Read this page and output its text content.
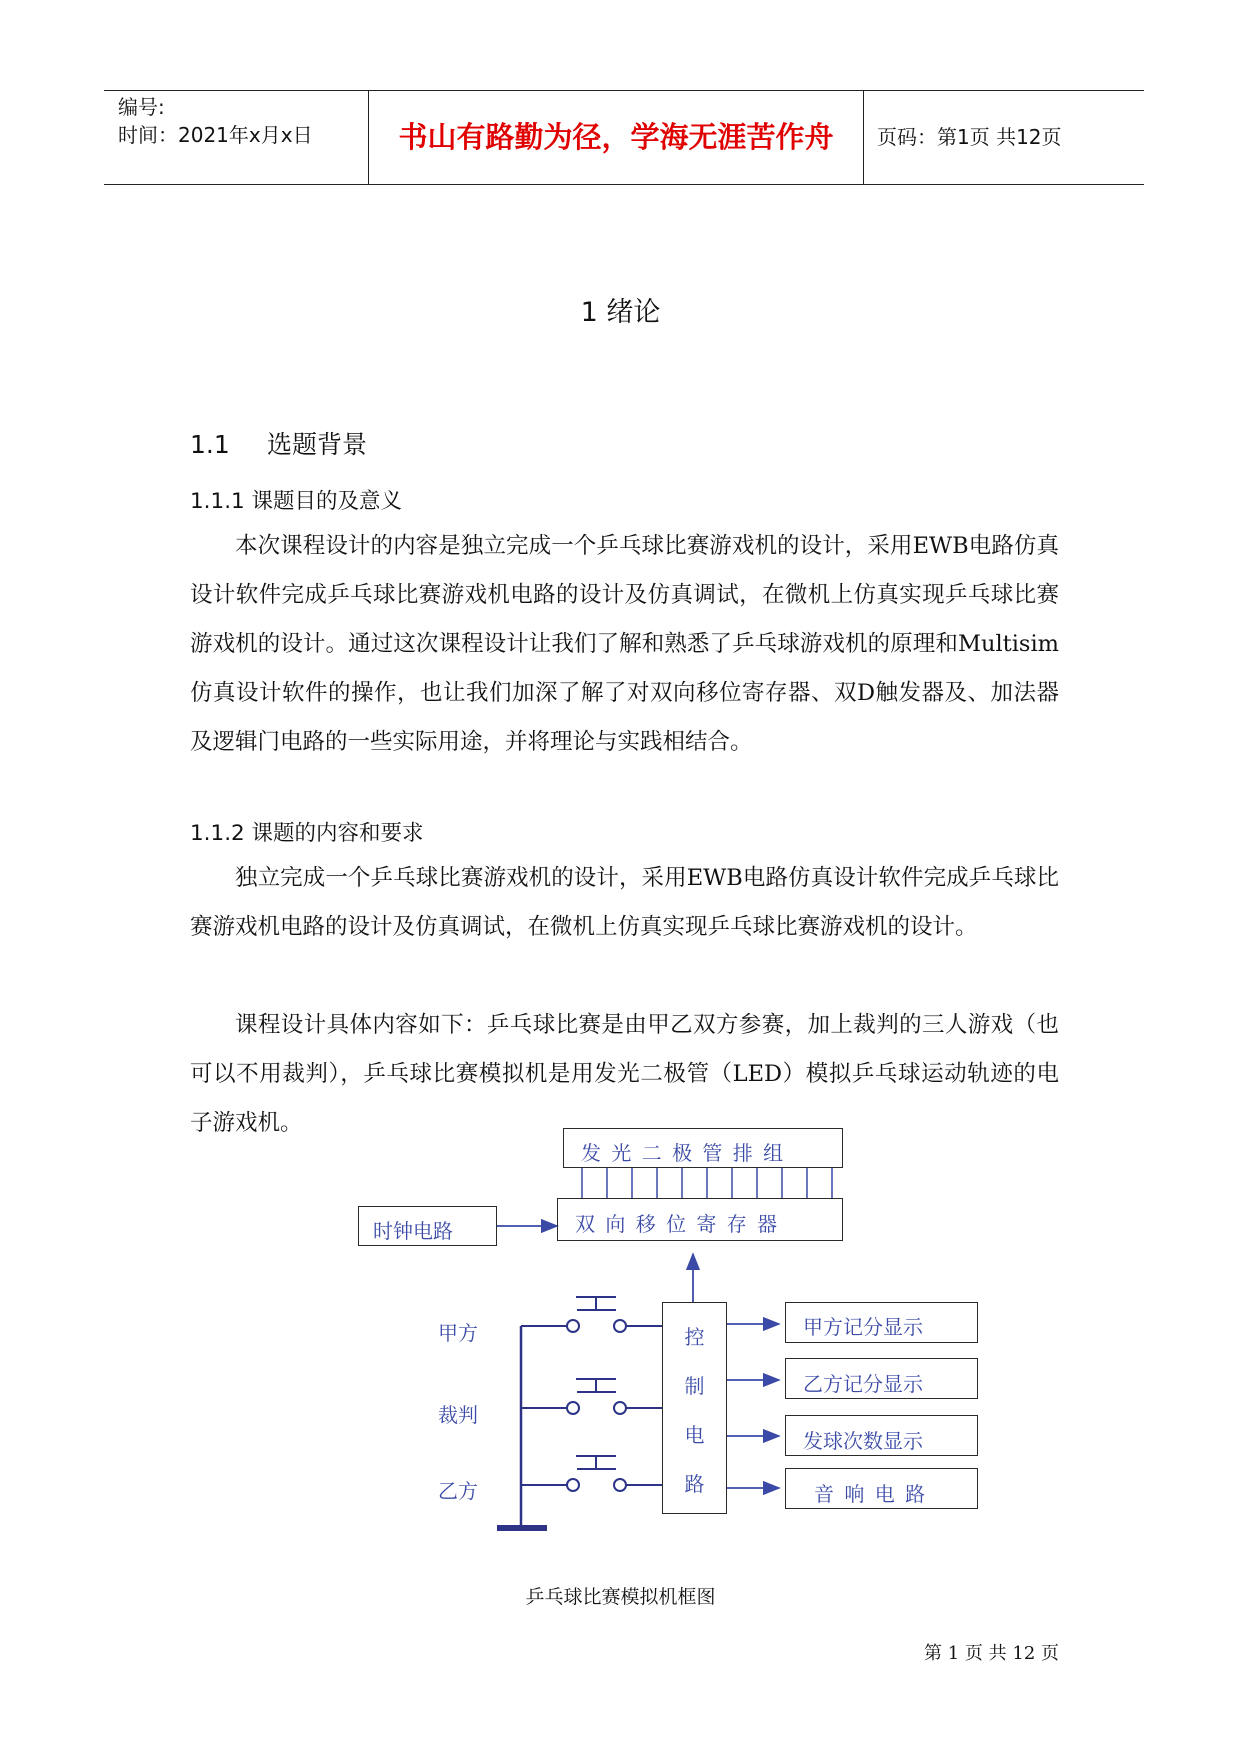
编号:
时间：2021年x月x日	书山有路勤为径，学海无涯苦作舟	页码：第1页 共12页
1 绪论
1.1 选题背景
1.1.1 课题目的及意义

本次课程设计的内容是独立完成一个乒乓球比赛游戏机的设计，采用EWB电路仿真设计软件完成乒乓球比赛游戏机电路的设计及仿真调试，在微机上仿真实现乒乓球比赛游戏机的设计。通过这次课程设计让我们了解和熟悉了乒乓球游戏机的原理和Multisim仿真设计软件的操作，也让我们加深了解了对双向移位寄存器、双D触发器及、加法器及逻辑门电路的一些实际用途，并将理论与实践相结合。

1.1.2 课题的内容和要求

独立完成一个乒乓球比赛游戏机的设计，采用EWB电路仿真设计软件完成乒乓球比赛游戏机电路的设计及仿真调试，在微机上仿真实现乒乓球比赛游戏机的设计。

课程设计具体内容如下：乒乓球比赛是由甲乙双方参赛，加上裁判的三人游戏（也可以不用裁判），乒乓球比赛模拟机是用发光二极管（LED）模拟乒乓球运动轨迹的电子游戏机。

发 光 二 极 管 排 组
时钟电路	双 向 移 位 寄 存 器
甲方
裁判
乙方
控
制
电
路
甲方记分显示
乙方记分显示
发球次数显示
音 响 电 路
乒乓球比赛模拟机框图
第 1 页 共 12 页
